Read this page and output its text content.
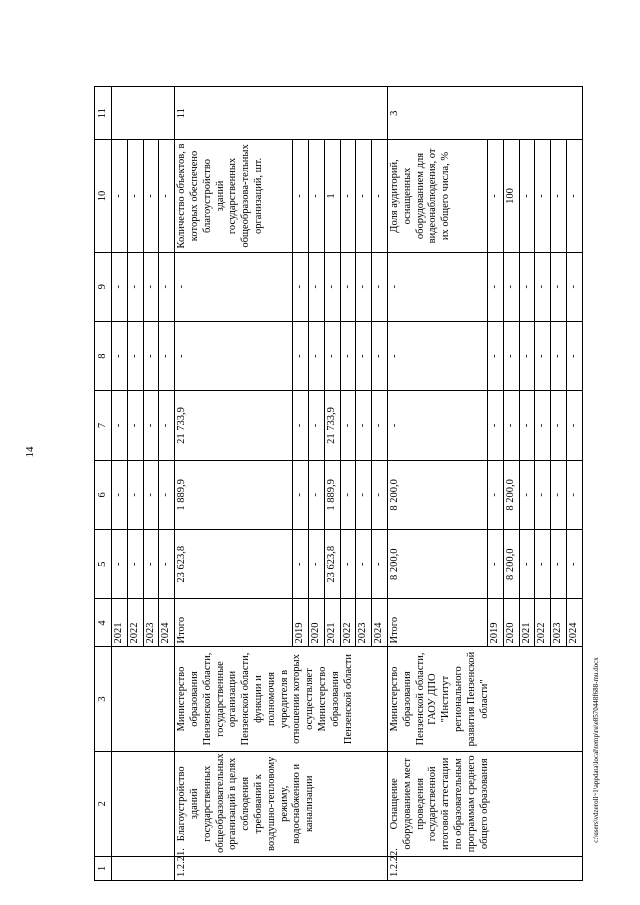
14
c:\users\vdzeroll~1\appdata\local\temp\ru\e8570448f688-mu.docx
1	2	3	4	5	6	7	8	9	10	11
			2021	-	-	-	-	-	-	
			2022	-	-	-	-	-	-	
			2023	-	-	-	-	-	-	
			2024	-	-	-	-	-	-	
1.2.21.	Благоустройство зданий государственных общеобразовательных организаций в целях соблюдения требований к воздушно-тепловому режиму, водоснабжению и канализации	Министерство образования Пензенской области, государственные организации Пензенской области, функции и полномочия учредителя в отношении которых осуществляет Министерство образования Пензенской области	Итого	23 623,8	1 889,9	21 733,9	-	-	Количество объектов, в которых обеспечено благоустройство зданий государственных общеобразова-тельных организаций, шт.	11
			2019	-	-	-	-	-	-	
			2020	-	-	-	-	-	-	
			2021	23 623,8	1 889,9	21 733,9	-	-	1	
			2022	-	-	-	-	-	-	
			2023	-	-	-	-	-	-	
			2024	-	-	-	-	-	-	
1.2.22.	Оснащение оборудованием мест проведения государственной итоговой аттестации по образовательным программам среднего общего образования	Министерство образования Пензенской области, ГАОУ ДПО "Институт регионального развития Пензенской области"	Итого	8 200,0	8 200,0	-	-	-	Доля аудиторий, оснащенных оборудованием для видеонаблюдения, от их общего числа, %	3
			2019	-	-	-	-	-	-	
			2020	8 200,0	8 200,0	-	-	-	100	
			2021	-	-	-	-	-	-	
			2022	-	-	-	-	-	-	
			2023	-	-	-	-	-	-	
			2024	-	-	-	-	-	-	
